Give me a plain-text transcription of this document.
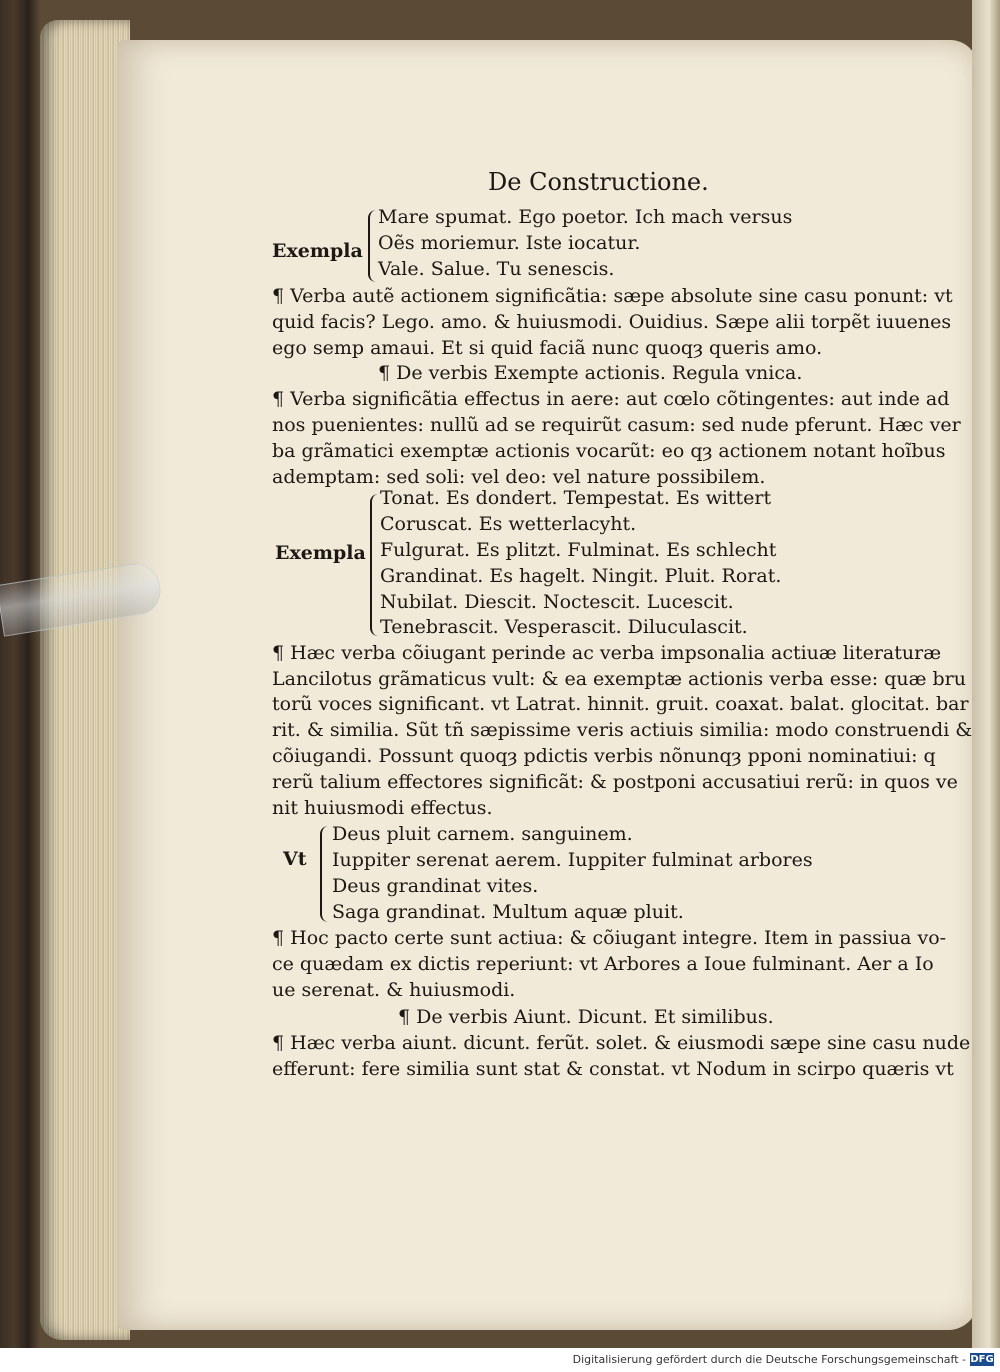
De Constructione.
Exempla
Mare spumat. Ego poetor. Ich mach versus
Oẽs moriemur. Iste iocatur.
Vale. Salue. Tu senescis.
¶ Verba autẽ actionem significãtia: sæpe absolute sine casu ponunt: vt
quid facis? Lego. amo. & huiusmodi. Ouidius. Sæpe alii torpẽt iuuenes
ego semp amaui. Et si quid faciã nunc quoqȝ queris amo.
¶ De verbis Exempte actionis. Regula vnica.
¶ Verba significãtia effectus in aere: aut cœlo cõtingentes: aut inde ad
nos puenientes: nullũ ad se requirũt casum: sed nude pferunt. Hæc ver
ba grãmatici exemptæ actionis vocarũt: eo qȝ actionem notant hoĩbus
ademptam: sed soli: vel deo: vel nature possibilem.
Exempla
Tonat. Es dondert. Tempestat. Es wittert
Coruscat. Es wetterlacyht.
Fulgurat. Es plitzt. Fulminat. Es schlecht
Grandinat. Es hagelt. Ningit. Pluit. Rorat.
Nubilat. Diescit. Noctescit. Lucescit.
Tenebrascit. Vesperascit. Diluculascit.
¶ Hæc verba cõiugant perinde ac verba impsonalia actiuæ literaturæ
Lancilotus grãmaticus vult: & ea exemptæ actionis verba esse: quæ bru
torũ voces significant. vt Latrat. hinnit. gruit. coaxat. balat. glocitat. bar
rit. & similia. Sũt tñ sæpissime veris actiuis similia: modo construendi &
cõiugandi. Possunt quoqȝ pdictis verbis nõnunqȝ pponi nominatiui: q
rerũ talium effectores significãt: & postponi accusatiui rerũ: in quos ve
nit huiusmodi effectus.
Vt
Deus pluit carnem. sanguinem.
Iuppiter serenat aerem. Iuppiter fulminat arbores
Deus grandinat vites.
Saga grandinat. Multum aquæ pluit.
¶ Hoc pacto certe sunt actiua: & cõiugant integre. Item in passiua vo-
ce quædam ex dictis reperiunt: vt Arbores a Ioue fulminant. Aer a Io
ue serenat. & huiusmodi.
¶ De verbis Aiunt. Dicunt. Et similibus.
¶ Hæc verba aiunt. dicunt. ferũt. solet. & eiusmodi sæpe sine casu nude
efferunt: fere similia sunt stat & constat. vt Nodum in scirpo quæris vt
Digitalisierung gefördert durch die Deutsche Forschungsgemeinschaft - DFG
